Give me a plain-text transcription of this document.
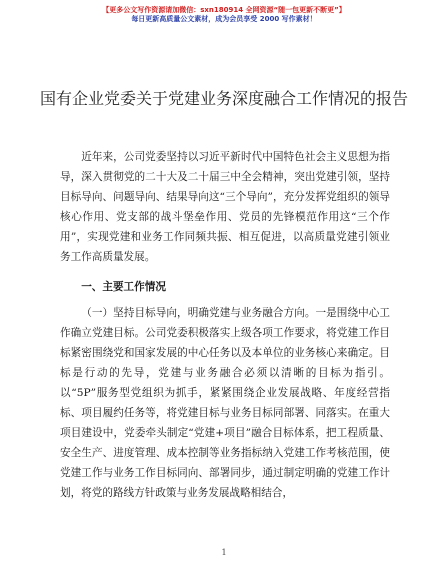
【更多公文写作资源请加微信：sxn180914 全网资源“随一包更新不断更”】
每日更新高质量公文素材，成为会员享受 2000 写作素材！
国有企业党委关于党建业务深度融合工作情况的报告

近年来，公司党委坚持以习近平新时代中国特色社会主义思想为指导，深入贯彻党的二十大及二十届三中全会精神，突出党建引领，坚持目标导向、问题导向、结果导向这“三个导向”，充分发挥党组织的领导核心作用、党支部的战斗堡垒作用、党员的先锋模范作用这“三个作用”，实现党建和业务工作同频共振、相互促进，以高质量党建引领业务工作高质量发展。

一、主要工作情况

（一）坚持目标导向，明确党建与业务融合方向。一是围绕中心工作确立党建目标。公司党委积极落实上级各项工作要求，将党建工作目标紧密围绕党和国家发展的中心任务以及本单位的业务核心来确定。目标是行动的先导，党建与业务融合必须以清晰的目标为指引。以“5P”服务型党组织为抓手，紧紧围绕企业发展战略、年度经营指标、项目履约任务等，将党建目标与业务目标同部署、同落实。在重大项目建设中，党委牵头制定“党建+项目”融合目标体系，把工程质量、安全生产、进度管理、成本控制等业务指标纳入党建工作考核范围，使党建工作与业务工作目标同向、部署同步，通过制定明确的党建工作计划，将党的路线方针政策与业务发展战略相结合，

1
